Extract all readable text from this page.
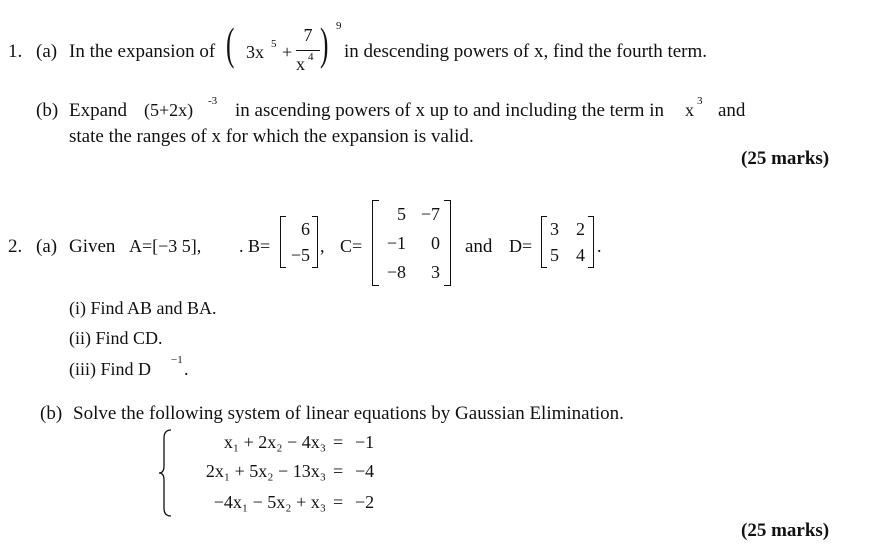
1. (a) In the expansion of ( 3x 5 +
7
x 4 ) 9
in descending powers of x, find the fourth term.
(b) Expand (5+2x) -3 in ascending powers of x up to and including the term in x 3 and
state the ranges of x for which the expansion is valid.
(25 marks)
2. (a) Given A=[−3 5], . B=
6
−5 , C=
5 −7
−1	0
−8	3
and D=
3 2
5 4 .
(i) Find AB and BA.
(ii) Find CD.
(iii) Find D −1 .
(b) Solve the following system of linear equations by Gaussian Elimination.
x₁ + 2x₂ − 4x₃ = −1
2x₁ + 5x₂ − 13x₃ = −4
−4x₁ − 5x₂ + x₃ = −2
(25 marks)
